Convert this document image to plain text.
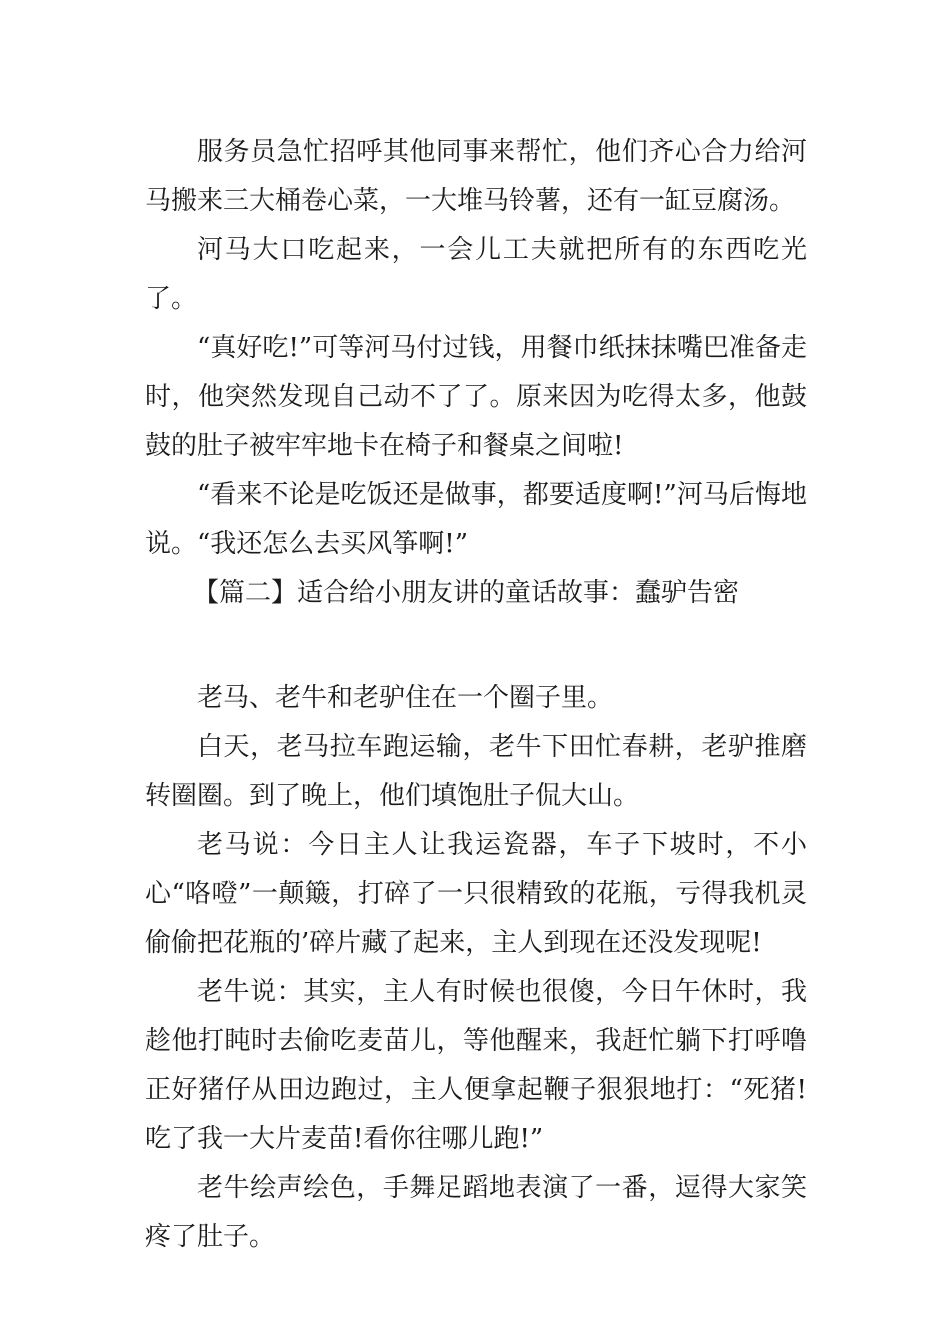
服务员急忙招呼其他同事来帮忙，他们齐心合力给河马搬来三大桶卷心菜，一大堆马铃薯，还有一缸豆腐汤。

河马大口吃起来，一会儿工夫就把所有的东西吃光了。

“真好吃!”可等河马付过钱，用餐巾纸抹抹嘴巴准备走时，他突然发现自己动不了了。原来因为吃得太多，他鼓鼓的肚子被牢牢地卡在椅子和餐桌之间啦!

“看来不论是吃饭还是做事，都要适度啊!”河马后悔地说。“我还怎么去买风筝啊!”

【篇二】适合给小朋友讲的童话故事：蠢驴告密

老马、老牛和老驴住在一个圈子里。

白天，老马拉车跑运输，老牛下田忙春耕，老驴推磨转圈圈。到了晚上，他们填饱肚子侃大山。

老马说：今日主人让我运瓷器，车子下坡时，不小心“咯噔”一颠簸，打碎了一只很精致的花瓶，亏得我机灵偷偷把花瓶的’碎片藏了起来，主人到现在还没发现呢!

老牛说：其实，主人有时候也很傻，今日午休时，我趁他打盹时去偷吃麦苗儿，等他醒来，我赶忙躺下打呼噜正好猪仔从田边跑过，主人便拿起鞭子狠狠地打：“死猪!吃了我一大片麦苗!看你往哪儿跑!”

老牛绘声绘色，手舞足蹈地表演了一番，逗得大家笑疼了肚子。
